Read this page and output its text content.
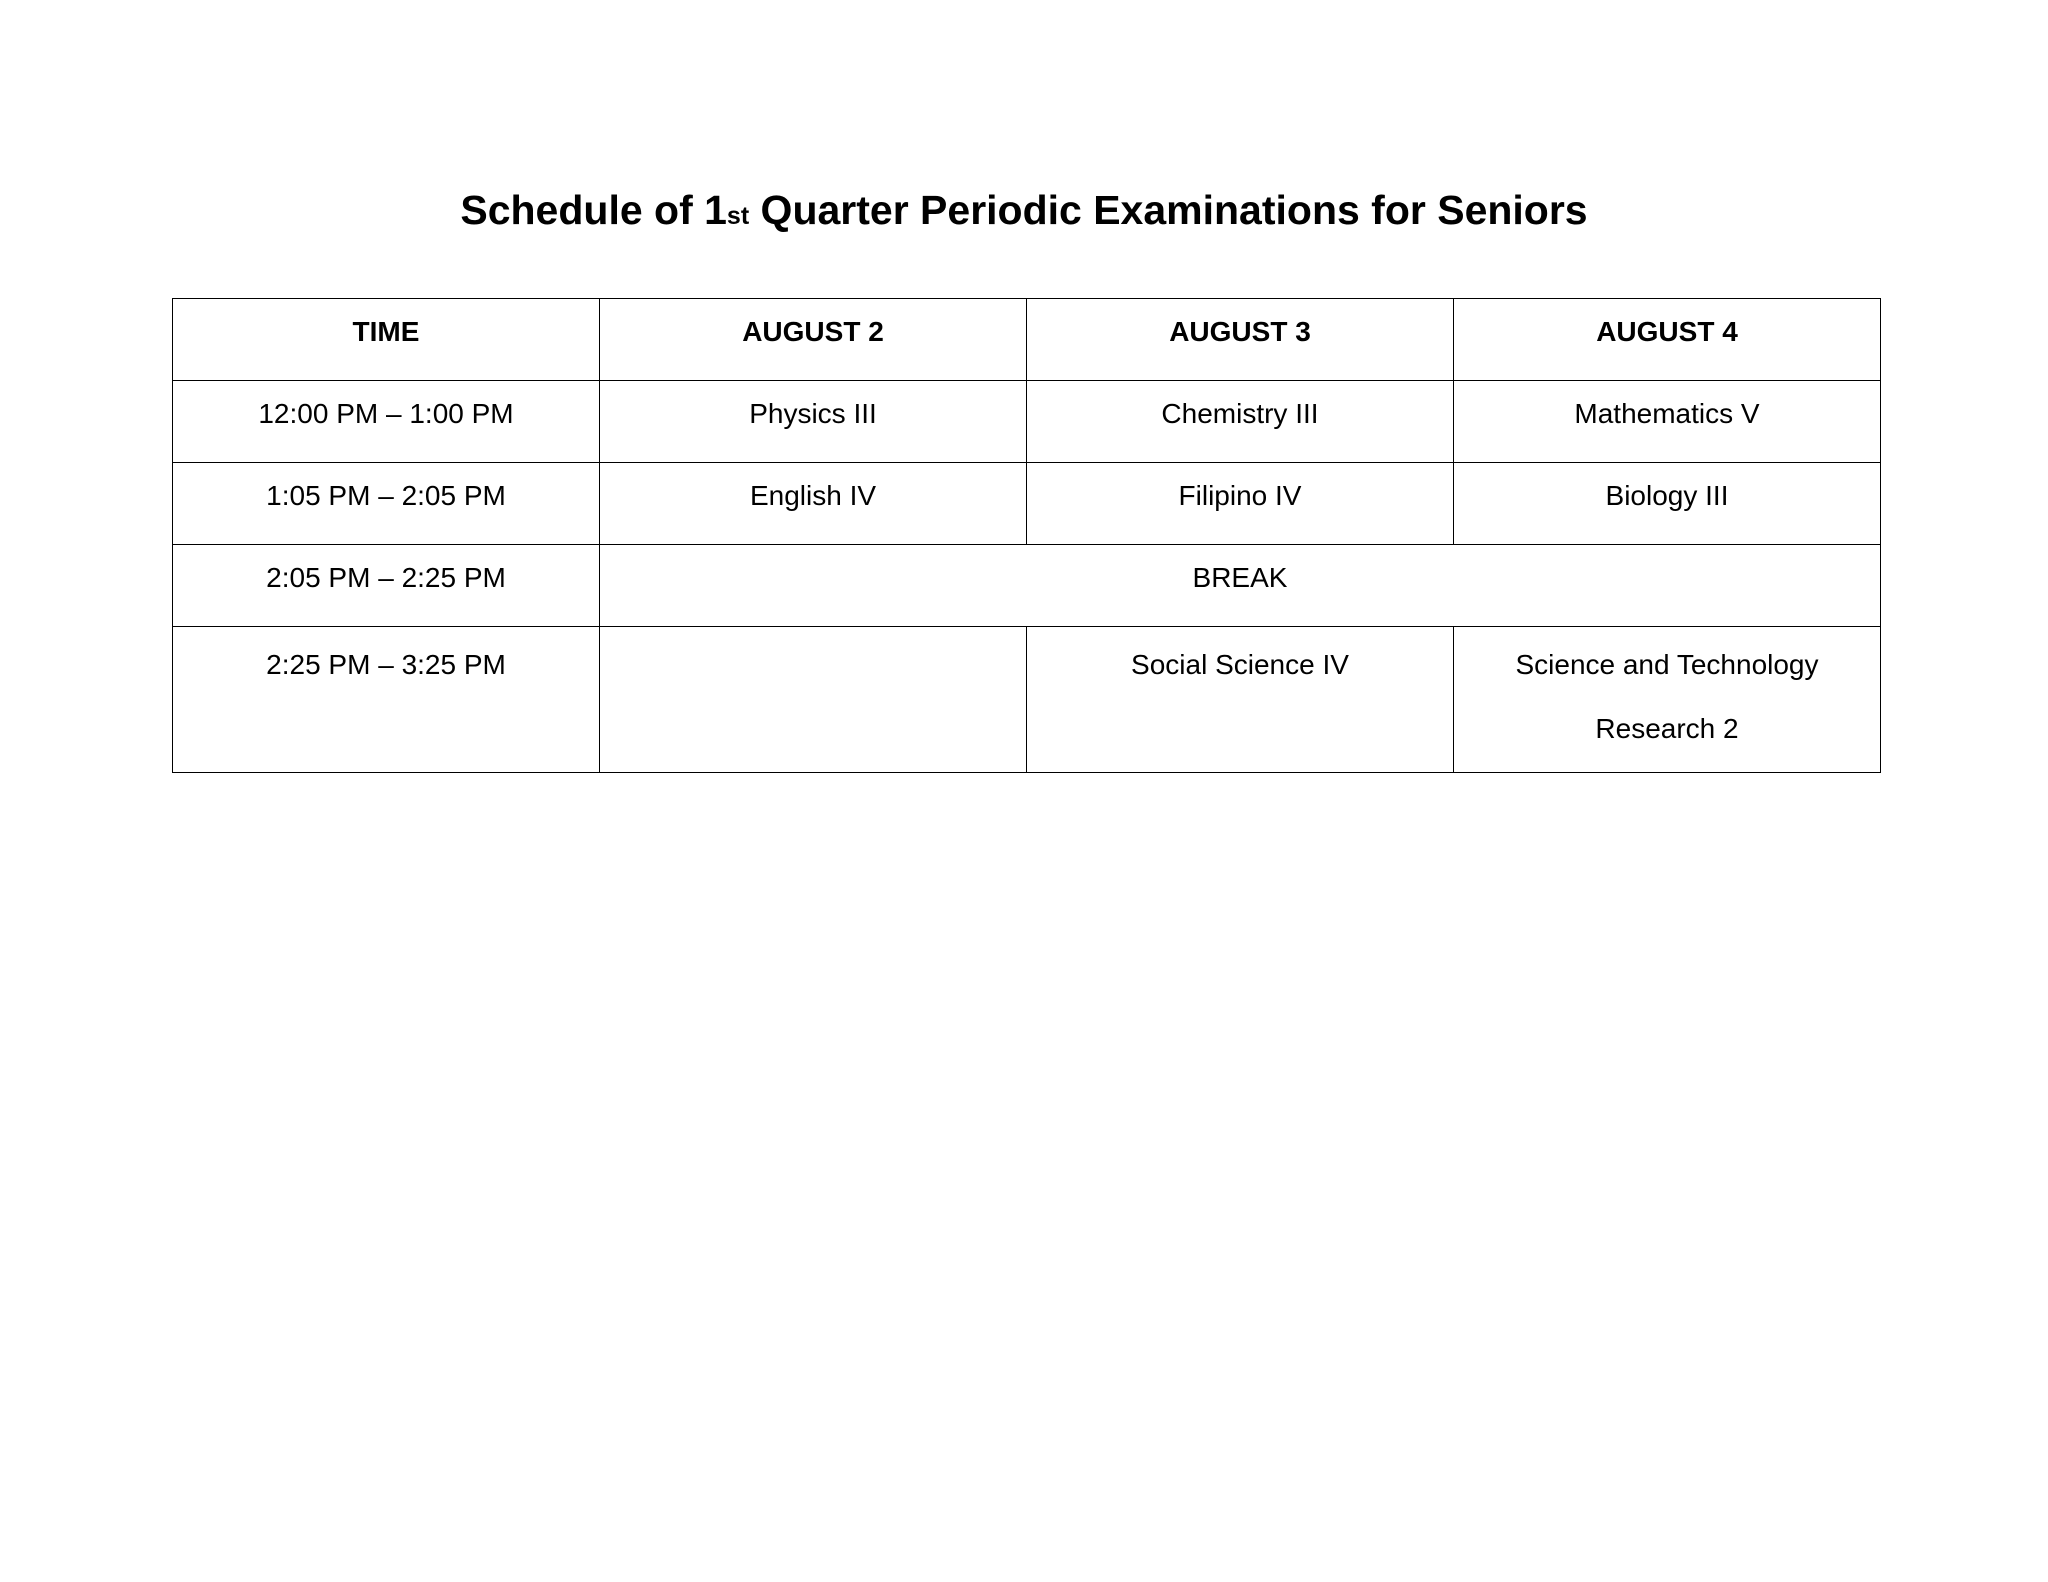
Schedule of 1st Quarter Periodic Examinations for Seniors
TIME	AUGUST 2	AUGUST 3	AUGUST 4
12:00 PM – 1:00 PM	Physics III	Chemistry III	Mathematics V
1:05 PM – 2:05 PM	English IV	Filipino IV	Biology III
2:05 PM – 2:25 PM	BREAK		
2:25 PM – 3:25 PM		Social Science IV	Science and Technology
Research 2
